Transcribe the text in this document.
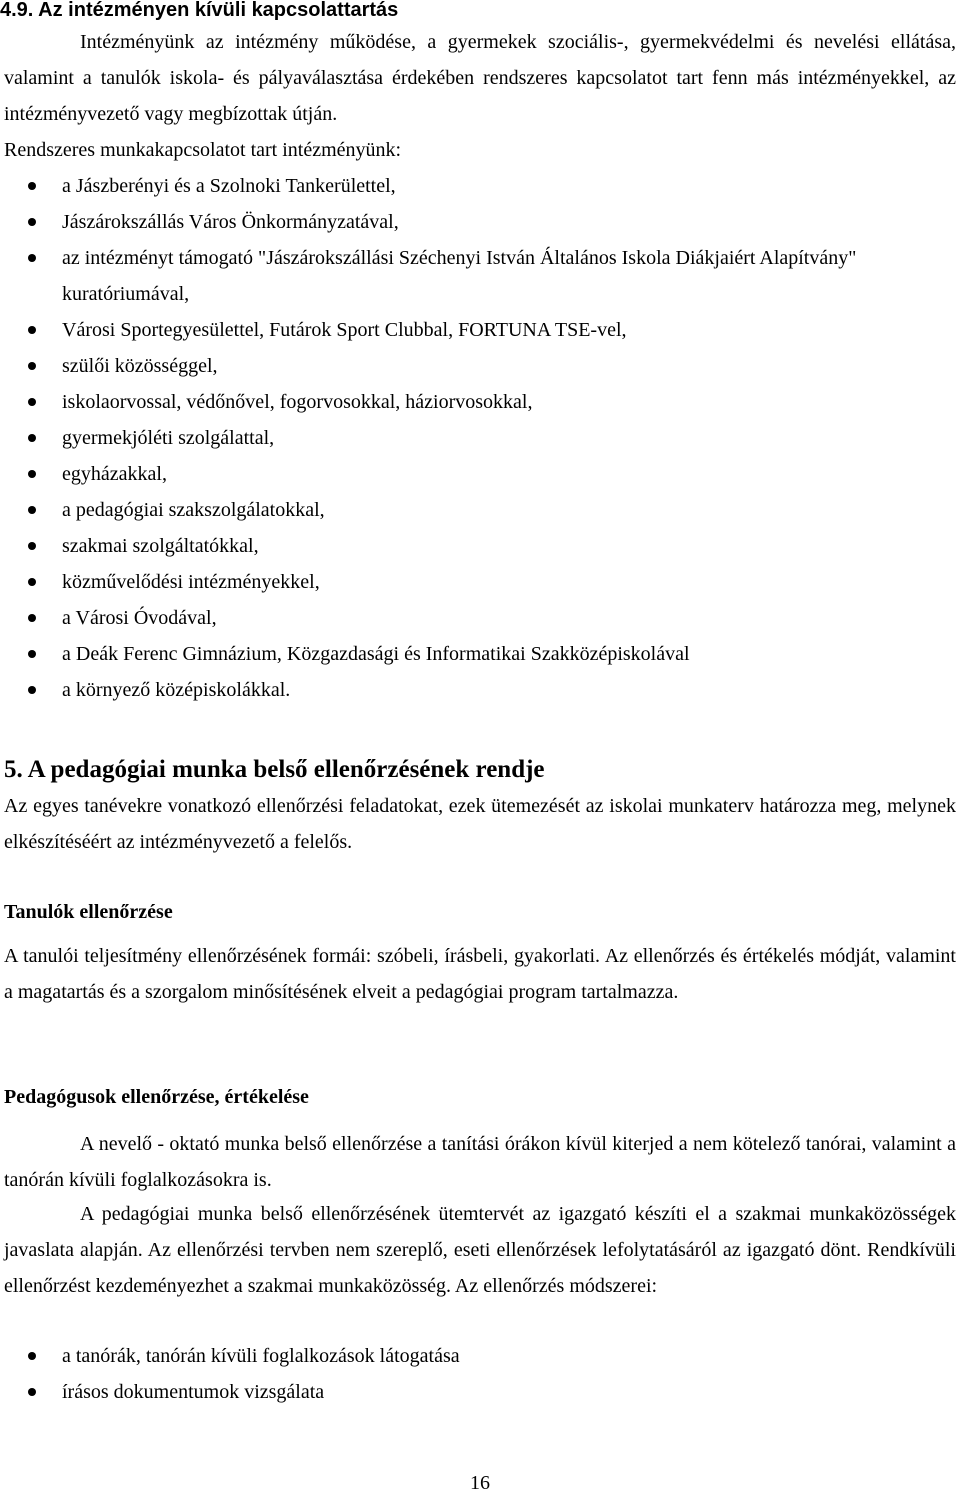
4.9. Az intézményen kívüli kapcsolattartás

Intézményünk az intézmény működése, a gyermekek szociális-, gyermekvédelmi és nevelési ellátása, valamint a tanulók iskola- és pályaválasztása érdekében rendszeres kapcsolatot tart fenn más intézményekkel, az intézményvezető vagy megbízottak útján.

Rendszeres munkakapcsolatot tart intézményünk:

a Jászberényi és a Szolnoki Tankerülettel,
Jászárokszállás Város Önkormányzatával,
az intézményt támogató "Jászárokszállási Széchenyi István Általános Iskola Diákjaiért Alapítvány" kuratóriumával,
Városi Sportegyesülettel, Futárok Sport Clubbal, FORTUNA TSE-vel,
szülői közösséggel,
iskolaorvossal, védőnővel, fogorvosokkal, háziorvosokkal,
gyermekjóléti szolgálattal,
egyházakkal,
a pedagógiai szakszolgálatokkal,
szakmai szolgáltatókkal,
közművelődési intézményekkel,
a Városi Óvodával,
a Deák Ferenc Gimnázium, Közgazdasági és Informatikai Szakközépiskolával
a környező középiskolákkal.
5. A pedagógiai munka belső ellenőrzésének rendje

Az egyes tanévekre vonatkozó ellenőrzési feladatokat, ezek ütemezését az iskolai munkaterv határozza meg, melynek elkészítéséért az intézményvezető a felelős.

Tanulók ellenőrzése

A tanulói teljesítmény ellenőrzésének formái: szóbeli, írásbeli, gyakorlati. Az ellenőrzés és értékelés módját, valamint a magatartás és a szorgalom minősítésének elveit a pedagógiai program tartalmazza.

Pedagógusok ellenőrzése, értékelése

A nevelő - oktató munka belső ellenőrzése a tanítási órákon kívül kiterjed a nem kötelező tanórai, valamint a tanórán kívüli foglalkozásokra is.

A pedagógiai munka belső ellenőrzésének ütemtervét az igazgató készíti el a szakmai munkaközösségek javaslata alapján. Az ellenőrzési tervben nem szereplő, eseti ellenőrzések lefolytatásáról az igazgató dönt. Rendkívüli ellenőrzést kezdeményezhet a szakmai munkaközösség. Az ellenőrzés módszerei:

a tanórák, tanórán kívüli foglalkozások látogatása
írásos dokumentumok vizsgálata
16
